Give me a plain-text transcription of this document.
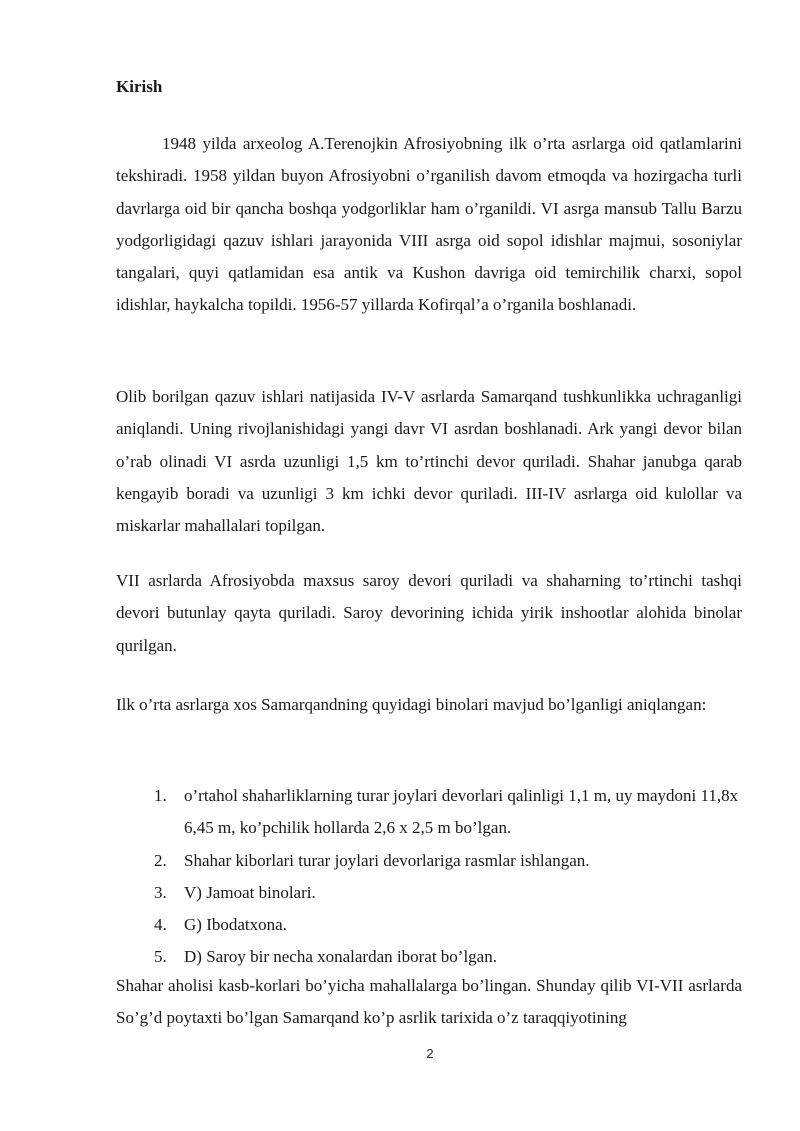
Kirish

1948 yilda arxeolog A.Terenojkin Afrosiyobning ilk o’rta asrlarga oid qatlamlarini tekshiradi. 1958 yildan buyon Afrosiyobni o’rganilish davom etmoqda va hozirgacha turli davrlarga oid bir qancha boshqa yodgorliklar ham o’rganildi. VI asrga mansub Tallu Barzu yodgorligidagi qazuv ishlari jarayonida VIII asrga oid sopol idishlar majmui, sosoniylar tangalari, quyi qatlamidan esa antik va Kushon davriga oid temirchilik charxi, sopol idishlar, haykalcha topildi. 1956-57 yillarda Kofirqal’a o’rganila boshlanadi.

Olib borilgan qazuv ishlari natijasida IV-V asrlarda Samarqand tushkunlikka uchraganligi aniqlandi. Uning rivojlanishidagi yangi davr VI asrdan boshlanadi. Ark yangi devor bilan o’rab olinadi VI asrda uzunligi 1,5 km to’rtinchi devor quriladi. Shahar janubga qarab kengayib boradi va uzunligi 3 km ichki devor quriladi. III-IV asrlarga oid kulollar va miskarlar mahallalari topilgan.

VII asrlarda Afrosiyobda maxsus saroy devori quriladi va shaharning to’rtinchi tashqi devori butunlay qayta quriladi. Saroy devorining ichida yirik inshootlar alohida binolar qurilgan.

Ilk o’rta asrlarga xos Samarqandning quyidagi binolari mavjud bo’lganligi aniqlangan:

1. o’rtahol shaharliklarning turar joylari devorlari qalinligi 1,1 m, uy maydoni 11,8x 6,45 m, ko’pchilik hollarda 2,6 x 2,5 m bo’lgan.
2. Shahar kiborlari turar joylari devorlariga rasmlar ishlangan.
3. V) Jamoat binolari.
4. G) Ibodatxona.
5. D) Saroy bir necha xonalardan iborat bo’lgan.

Shahar aholisi kasb-korlari bo’yicha mahallalarga bo’lingan. Shunday qilib VI-VII asrlarda So’g’d poytaxti bo’lgan Samarqand ko’p asrlik tarixida o’z taraqqiyotining

2
